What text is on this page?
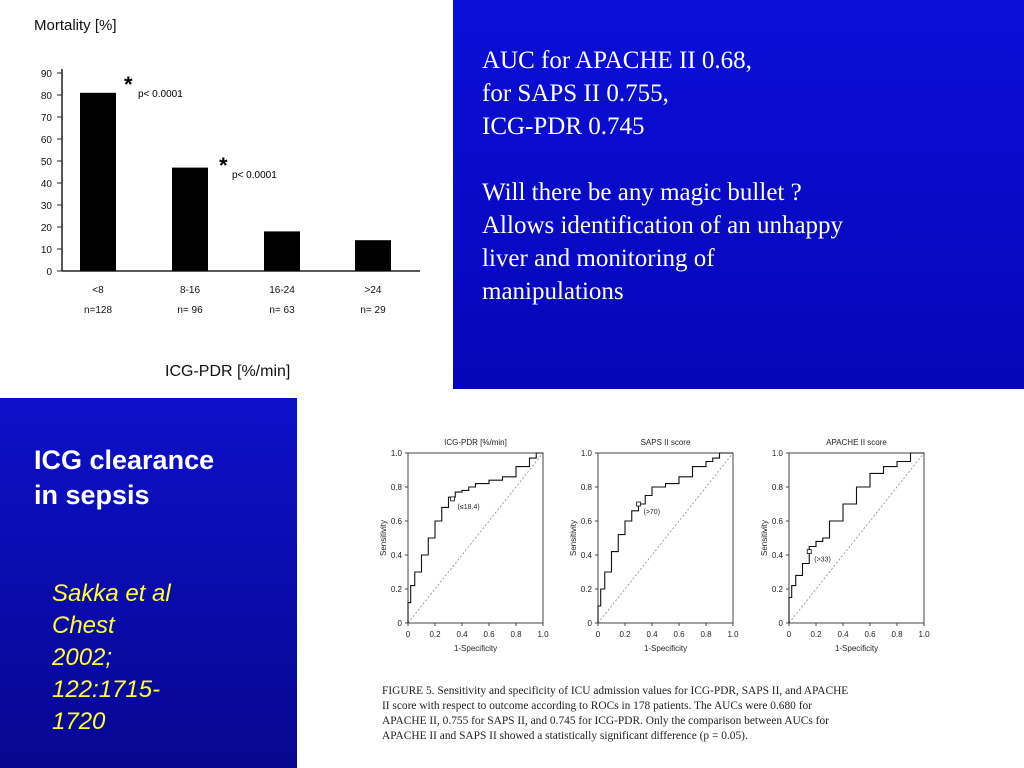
Mortality [%]
90
80
70
60
50
40
30
20
10
0
<8
n=128
8-16
n= 96
16-24
n= 63
>24
n= 29
* p< 0.0001
* p< 0.0001
ICG-PDR [%/min]
AUC for APACHE II 0.68,
for SAPS II 0.755,
ICG-PDR 0.745
Will there be any magic bullet ?
Allows identification of an unhappy
liver and monitoring of
manipulations
ICG clearance
in sepsis
Sakka et al
Chest
2002;
122:1715-
1720
ICG-PDR [%/min]
0 0.2 0.4 0.6 0.8 1.0
1.0
0.8
0.6
0.4
0.2
0
1-Specificity
Sensitivity
(≤18.4)
SAPS II score
0 0.2 0.4 0.6 0.8 1.0
1.0
0.8
0.6
0.4
0.2
0
1-Specificity
Sensitivity
(>70)
APACHE II score
0 0.2 0.4 0.6 0.8 1.0
1.0
0.8
0.6
0.4
0.2
0
1-Specificity
Sensitivity
(>33)
FIGURE 5. Sensitivity and specificity of ICU admission values for ICG-PDR, SAPS II, and APACHE
II score with respect to outcome according to ROCs in 178 patients. The AUCs were 0.680 for
APACHE II, 0.755 for SAPS II, and 0.745 for ICG-PDR. Only the comparison between AUCs for
APACHE II and SAPS II showed a statistically significant difference (p = 0.05).
